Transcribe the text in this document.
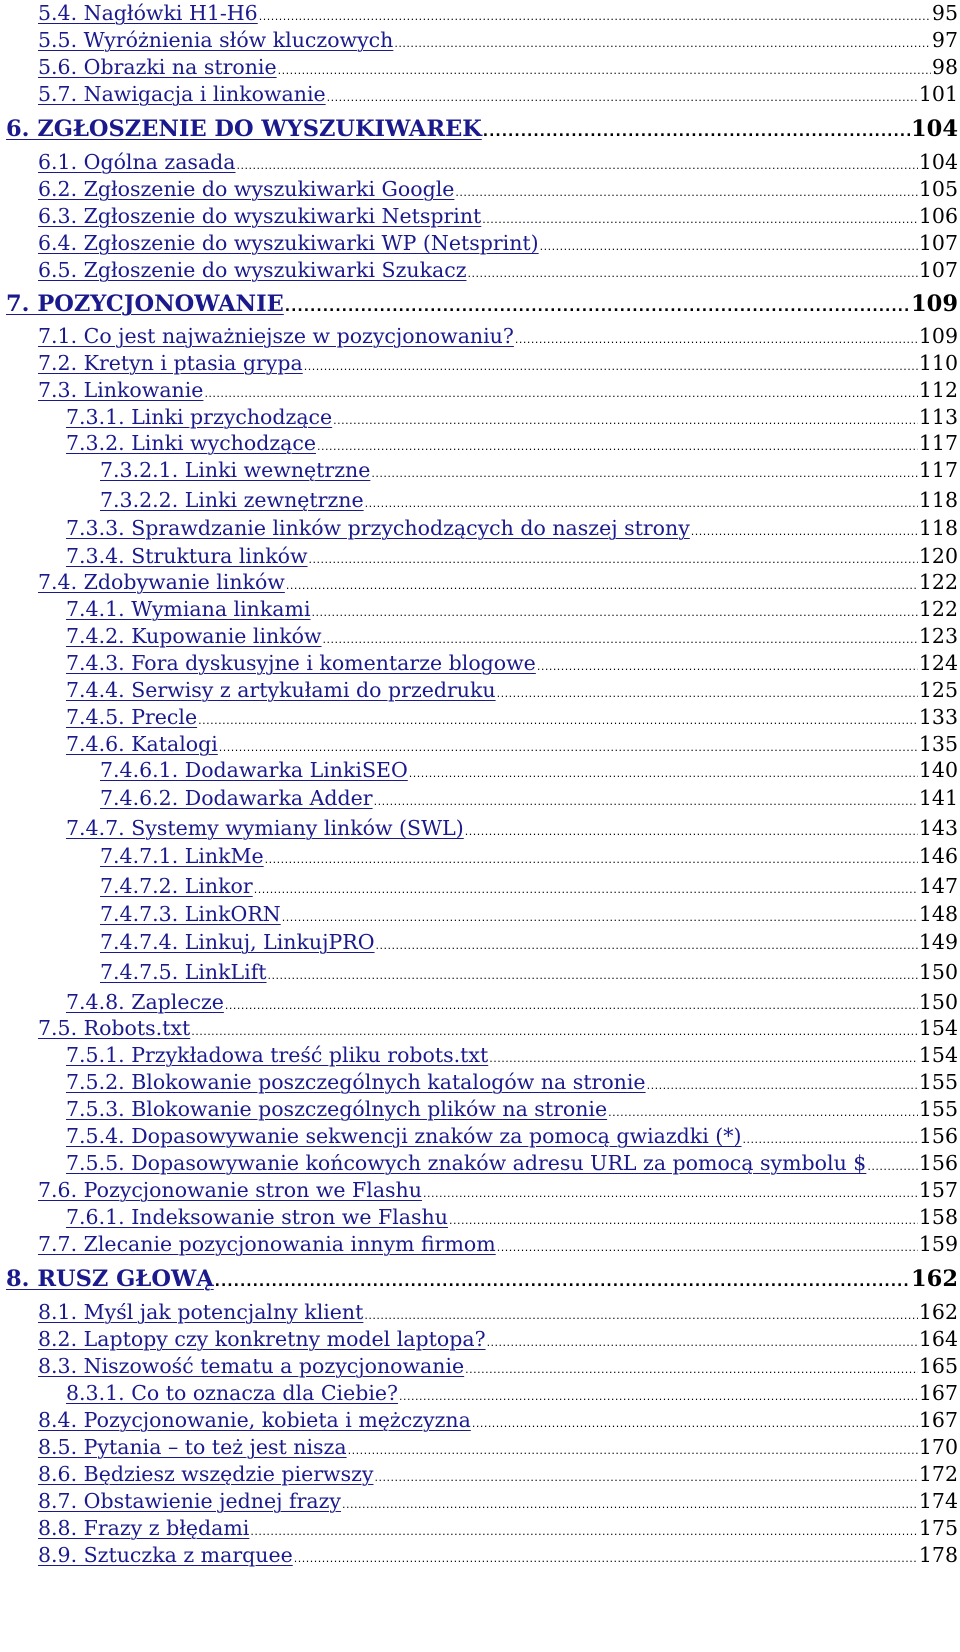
5.4. Nagłówki H1-H6 .....	95
5.5. Wyróżnienia słów kluczowych .....	97
5.6. Obrazki na stronie .....	98
5.7. Nawigacja i linkowanie .....	101
6. ZGŁOSZENIE DO WYSZUKIWAREK .....	104
6.1. Ogólna zasada .....	104
6.2. Zgłoszenie do wyszukiwarki Google .....	105
6.3. Zgłoszenie do wyszukiwarki Netsprint .....	106
6.4. Zgłoszenie do wyszukiwarki WP (Netsprint) .....	107
6.5. Zgłoszenie do wyszukiwarki Szukacz .....	107
7. POZYCJONOWANIE .....	109
7.1. Co jest najważniejsze w pozycjonowaniu? .....	109
7.2. Kretyn i ptasia grypa .....	110
7.3. Linkowanie .....	112
7.3.1. Linki przychodzące .....	113
7.3.2. Linki wychodzące .....	117
7.3.2.1. Linki wewnętrzne .....	117
7.3.2.2. Linki zewnętrzne .....	118
7.3.3. Sprawdzanie linków przychodzących do naszej strony .....	118
7.3.4. Struktura linków .....	120
7.4. Zdobywanie linków .....	122
7.4.1. Wymiana linkami .....	122
7.4.2. Kupowanie linków .....	123
7.4.3. Fora dyskusyjne i komentarze blogowe .....	124
7.4.4. Serwisy z artykułami do przedruku .....	125
7.4.5. Precle .....	133
7.4.6. Katalogi .....	135
7.4.6.1. Dodawarka LinkiSEO .....	140
7.4.6.2. Dodawarka Adder .....	141
7.4.7. Systemy wymiany linków (SWL) .....	143
7.4.7.1. LinkMe .....	146
7.4.7.2. Linkor .....	147
7.4.7.3. LinkORN .....	148
7.4.7.4. Linkuj, LinkujPRO .....	149
7.4.7.5. LinkLift .....	150
7.4.8. Zaplecze .....	150
7.5. Robots.txt .....	154
7.5.1. Przykładowa treść pliku robots.txt .....	154
7.5.2. Blokowanie poszczególnych katalogów na stronie .....	155
7.5.3. Blokowanie poszczególnych plików na stronie .....	155
7.5.4. Dopasowywanie sekwencji znaków za pomocą gwiazdki (*) .....	156
7.5.5. Dopasowywanie końcowych znaków adresu URL za pomocą symbolu $ .....	156
7.6. Pozycjonowanie stron we Flashu .....	157
7.6.1. Indeksowanie stron we Flashu .....	158
7.7. Zlecanie pozycjonowania innym firmom .....	159
8. RUSZ GŁOWĄ .....	162
8.1. Myśl jak potencjalny klient .....	162
8.2. Laptopy czy konkretny model laptopa? .....	164
8.3. Niszowość tematu a pozycjonowanie .....	165
8.3.1. Co to oznacza dla Ciebie? .....	167
8.4. Pozycjonowanie, kobieta i mężczyzna .....	167
8.5. Pytania – to też jest nisza .....	170
8.6. Będziesz wszędzie pierwszy .....	172
8.7. Obstawienie jednej frazy .....	174
8.8. Frazy z błędami .....	175
8.9. Sztuczka z marquee .....	178
